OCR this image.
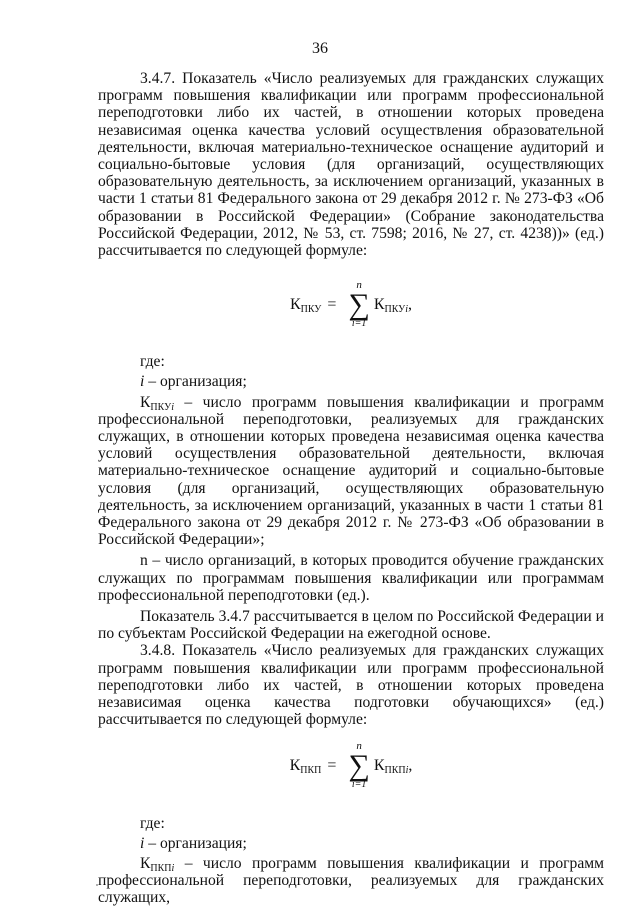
36

3.4.7. Показатель «Число реализуемых для гражданских служащих программ повышения квалификации или программ профессиональной переподготовки либо их частей, в отношении которых проведена независимая оценка качества условий осуществления образовательной деятельности, включая материально-техническое оснащение аудиторий и социально-бытовые условия (для организаций, осуществляющих образовательную деятельность, за исключением организаций, указанных в части 1 статьи 81 Федерального закона от 29 декабря 2012 г. № 273-ФЗ «Об образовании в Российской Федерации» (Собрание законодательства Российской Федерации, 2012, № 53, ст. 7598; 2016, № 27, ст. 4238))» (ед.) рассчитывается по следующей формуле:

$К_{ПКУ}$ =
n
∑
i=1
$К_{ПКУi}$,

где:

i – организация;

$К_{ПКУi}$ – число программ повышения квалификации и программ профессиональной переподготовки, реализуемых для гражданских служащих, в отношении которых проведена независимая оценка качества условий осуществления образовательной деятельности, включая материально-техническое оснащение аудиторий и социально-бытовые условия (для организаций, осуществляющих образовательную деятельность, за исключением организаций, указанных в части 1 статьи 81 Федерального закона от 29 декабря 2012 г. № 273-ФЗ «Об образовании в Российской Федерации»;

n – число организаций, в которых проводится обучение гражданских служащих по программам повышения квалификации или программам профессиональной переподготовки (ед.).

Показатель 3.4.7 рассчитывается в целом по Российской Федерации и по субъектам Российской Федерации на ежегодной основе.

3.4.8. Показатель «Число реализуемых для гражданских служащих программ повышения квалификации или программ профессиональной переподготовки либо их частей, в отношении которых проведена независимая оценка качества подготовки обучающихся» (ед.) рассчитывается по следующей формуле:

$К_{ПКП}$ =
n
∑
i=1
$К_{ПКПi}$,

где:

i – организация;

$К_{ПКПi}$ – число программ повышения квалификации и программ профессиональной переподготовки, реализуемых для гражданских служащих,
